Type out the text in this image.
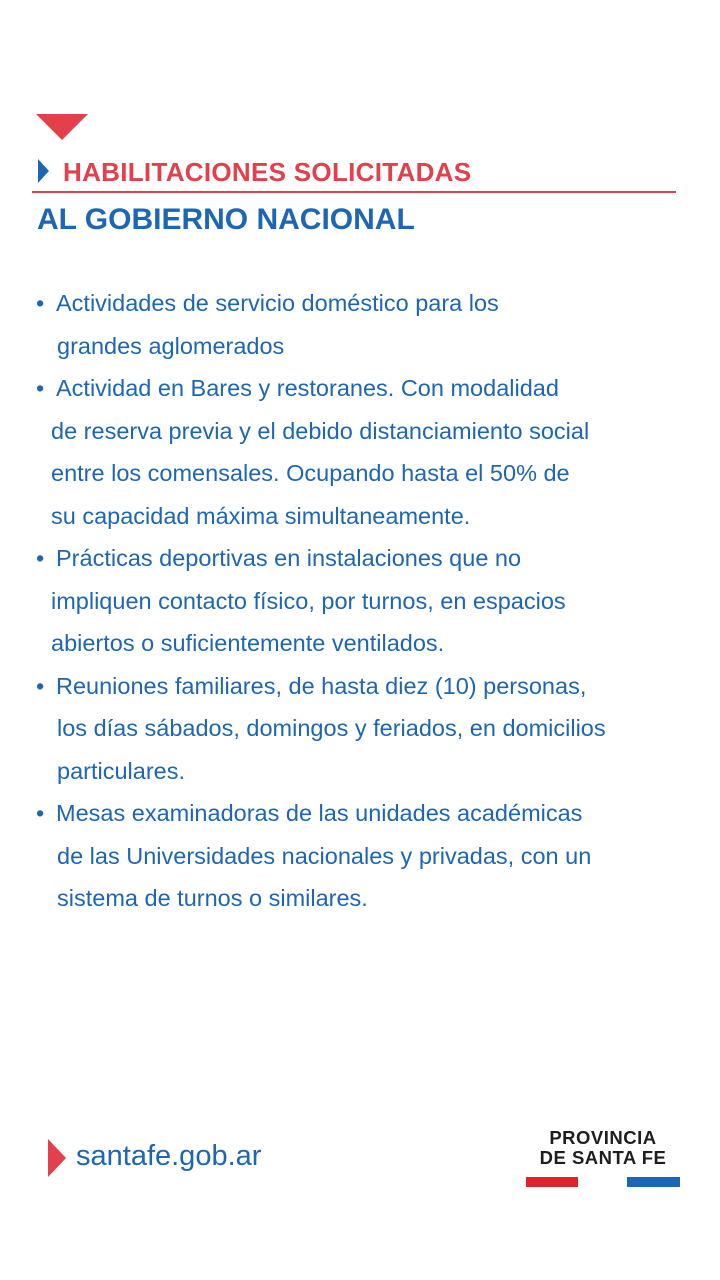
HABILITACIONES SOLICITADAS
AL GOBIERNO NACIONAL
• Actividades de servicio doméstico para los
grandes aglomerados
• Actividad en Bares y restoranes. Con modalidad
de reserva previa y el debido distanciamiento social
entre los comensales. Ocupando hasta el 50% de
su capacidad máxima simultaneamente.
• Prácticas deportivas en instalaciones que no
impliquen contacto físico, por turnos, en espacios
abiertos o suficientemente ventilados.
• Reuniones familiares, de hasta diez (10) personas,
los días sábados, domingos y feriados, en domicilios
particulares.
• Mesas examinadoras de las unidades académicas
de las Universidades nacionales y privadas, con un
sistema de turnos o similares.
santafe.gob.ar
PROVINCIA
DE SANTA FE
